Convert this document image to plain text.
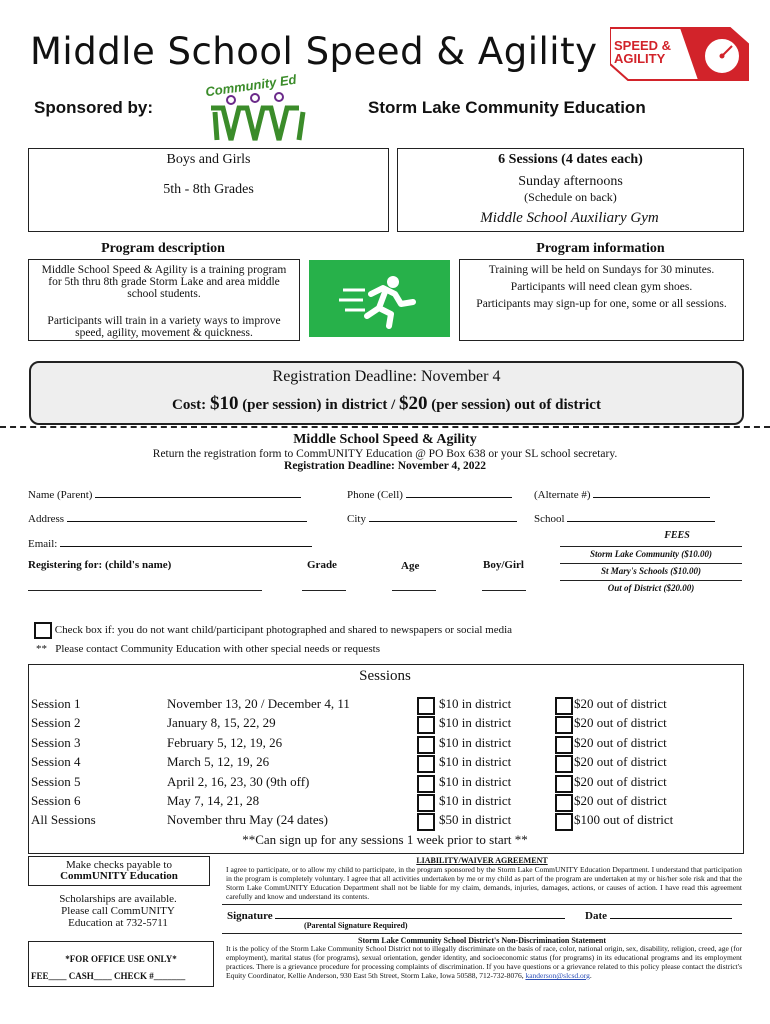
Middle School Speed & Agility SPEED &
AGILITY
Sponsored by:
Community Ed
Storm Lake Community Education
Boys and Girls
5th - 8th Grades
6 Sessions (4 dates each)
Sunday afternoons
(Schedule on back)
Middle School Auxiliary Gym
Program description
Middle School Speed & Agility is a training program for 5th thru 8th grade Storm Lake and area middle school students.
Participants will train in a variety ways to improve speed, agility, movement & quickness.
Program information
Training will be held on Sundays for 30 minutes.
Participants will need clean gym shoes.
Participants may sign-up for one, some or all sessions.
Registration Deadline: November 4
Cost: $10 (per session) in district / $20 (per session) out of district
Middle School Speed & Agility
Return the registration form to CommUNITY Education @ PO Box 638 or your SL school secretary.
Registration Deadline: November 4, 2022
Name (Parent)	Phone (Cell)	(Alternate #)
Address	City	School
Email:
FEES
Storm Lake Community ($10.00)
St Mary's Schools ($10.00)
Out of District ($20.00)
Registering for: (child's name)	Grade	Age	Boy/Girl
Check box if: you do not want child/participant photographed and shared to newspapers or social media
**   Please contact Community Education with other special needs or requests
Sessions
Session 1	November 13, 20 / December 4, 11	$10 in district	$20 out of district
Session 2	January 8, 15, 22, 29	$10 in district	$20 out of district
Session 3	February 5, 12, 19, 26	$10 in district	$20 out of district
Session 4	March 5, 12, 19, 26	$10 in district	$20 out of district
Session 5	April 2, 16, 23, 30 (9th off)	$10 in district	$20 out of district
Session 6	May 7, 14, 21, 28	$10 in district	$20 out of district
All Sessions	November thru May (24 dates)	$50 in district	$100 out of district
**Can sign up for any sessions 1 week prior to start **
Make checks payable to
CommUNITY Education
Scholarships are available.
Please call CommUNITY
Education at 732-5711
*FOR OFFICE USE ONLY*
FEE____ CASH____ CHECK #_______
LIABILITY/WAIVER AGREEMENT
I agree to participate, or to allow my child to participate, in the program sponsored by the Storm Lake CommUNITY Education Department. I understand that participation in the program is completely voluntary. I agree that all activities undertaken by me or my child as part of the program are undertaken at my or his/her sole risk and that the Storm Lake CommUNITY Education Department shall not be liable for my claim, demands, injuries, damages, actions, or causes of action. I have read this agreement carefully and know and understand its contents.
Signature
(Parental Signature Required)
Date
Storm Lake Community School District's Non-Discrimination Statement
It is the policy of the Storm Lake Community School District not to illegally discriminate on the basis of race, color, national origin, sex, disability, religion, creed, age (for employment), marital status (for programs), sexual orientation, gender identity, and socioeconomic status (for programs) in its educational programs and its employment practices. There is a grievance procedure for processing complaints of discrimination. If you have questions or a grievance related to this policy please contact the district's Equity Coordinator, Kellie Anderson, 930 East 5th Street, Storm Lake, Iowa 50588, 712-732-8076, kanderson@slcsd.org.
